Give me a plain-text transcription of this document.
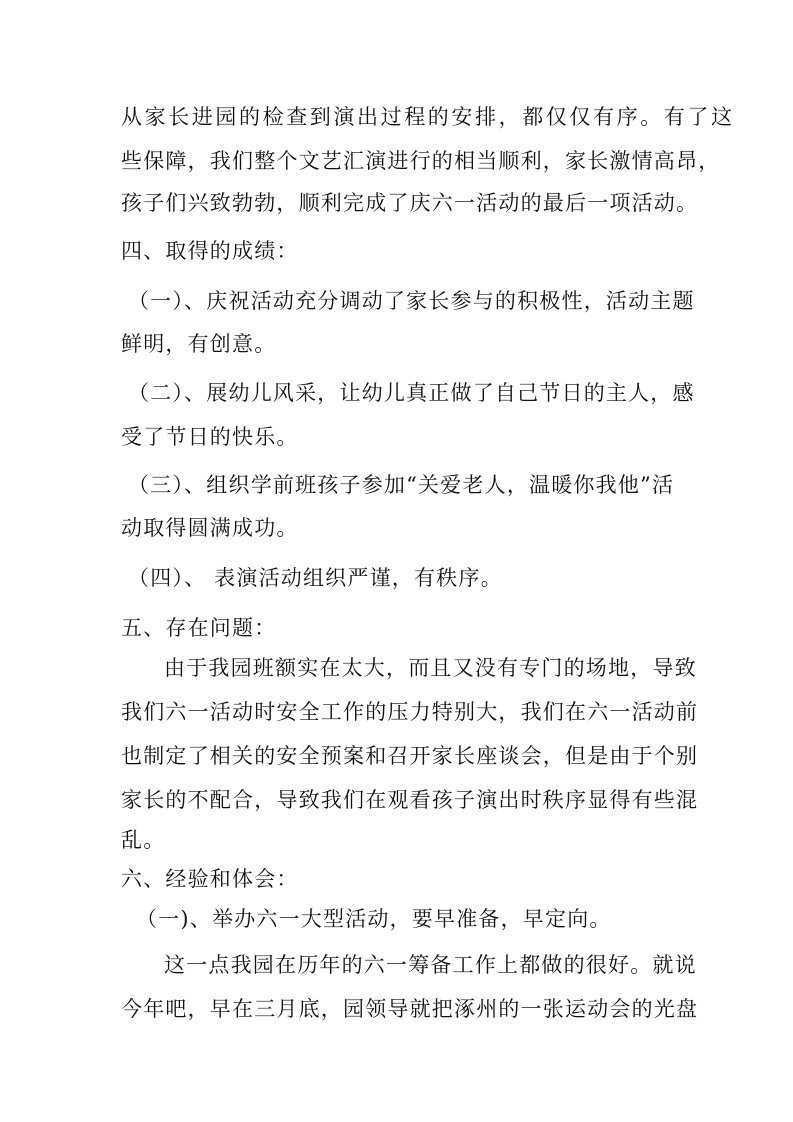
从家长进园的检查到演出过程的安排，都仅仅有序。有了这
些保障，我们整个文艺汇演进行的相当顺利，家长激情高昂，
孩子们兴致勃勃，顺利完成了庆六一活动的最后一项活动。
四、取得的成绩：
（一）、庆祝活动充分调动了家长参与的积极性，活动主题
鲜明，有创意。
（二）、展幼儿风采，让幼儿真正做了自己节日的主人，感
受了节日的快乐。
（三）、组织学前班孩子参加“关爱老人，温暖你我他”活
动取得圆满成功。
（四）、 表演活动组织严谨，有秩序。
五、存在问题：
由于我园班额实在太大，而且又没有专门的场地，导致
我们六一活动时安全工作的压力特别大，我们在六一活动前
也制定了相关的安全预案和召开家长座谈会，但是由于个别
家长的不配合，导致我们在观看孩子演出时秩序显得有些混
乱。
六、经验和体会：
（一)、举办六一大型活动，要早准备，早定向。
这一点我园在历年的六一筹备工作上都做的很好。就说
今年吧，早在三月底，园领导就把涿州的一张运动会的光盘
